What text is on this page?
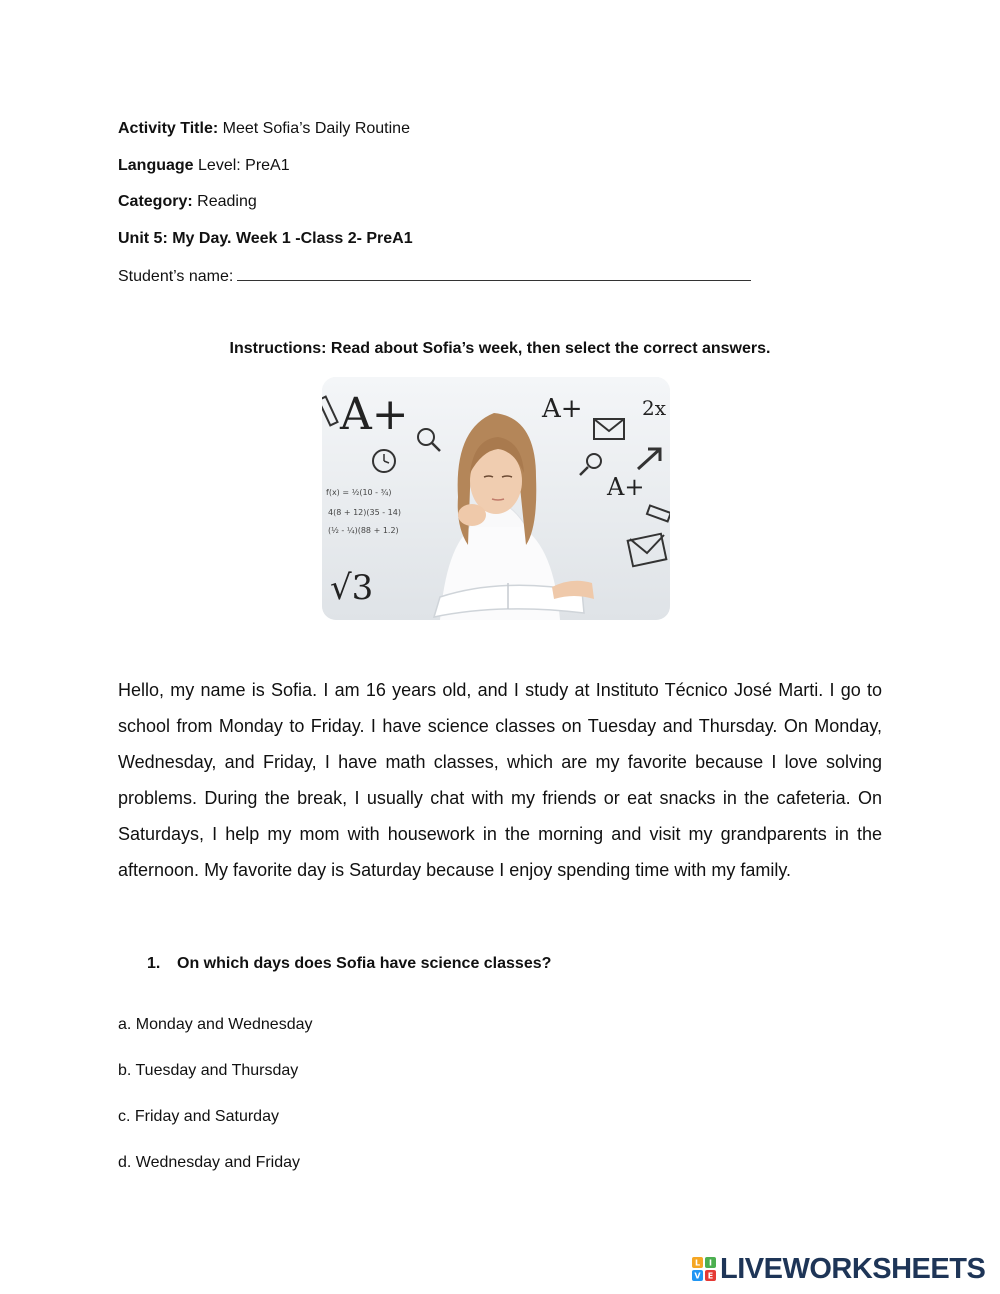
Activity Title: Meet Sofia’s Daily Routine
Language Level: PreA1
Category: Reading
Unit 5: My Day. Week 1 -Class 2- PreA1
Student’s name:
Instructions: Read about Sofia’s week, then select the correct answers.
A+	A+	2x
A+
√3
f(x) = ½(10 - ¾)
4(8 + 12)(35 - 14)
(½ - ¼)(88 + 1.2)
Hello, my name is Sofia. I am 16 years old, and I study at Instituto Técnico José Marti. I go to school from Monday to Friday. I have science classes on Tuesday and Thursday. On Monday, Wednesday, and Friday, I have math classes, which are my favorite because I love solving problems. During the break, I usually chat with my friends or eat snacks in the cafeteria. On Saturdays, I help my mom with housework in the morning and visit my grandparents in the afternoon. My favorite day is Saturday because I enjoy spending time with my family.
1. On which days does Sofia have science classes?
a. Monday and Wednesday
b. Tuesday and Thursday
c. Friday and Saturday
d. Wednesday and Friday
L I
V E LIVEWORKSHEETS
